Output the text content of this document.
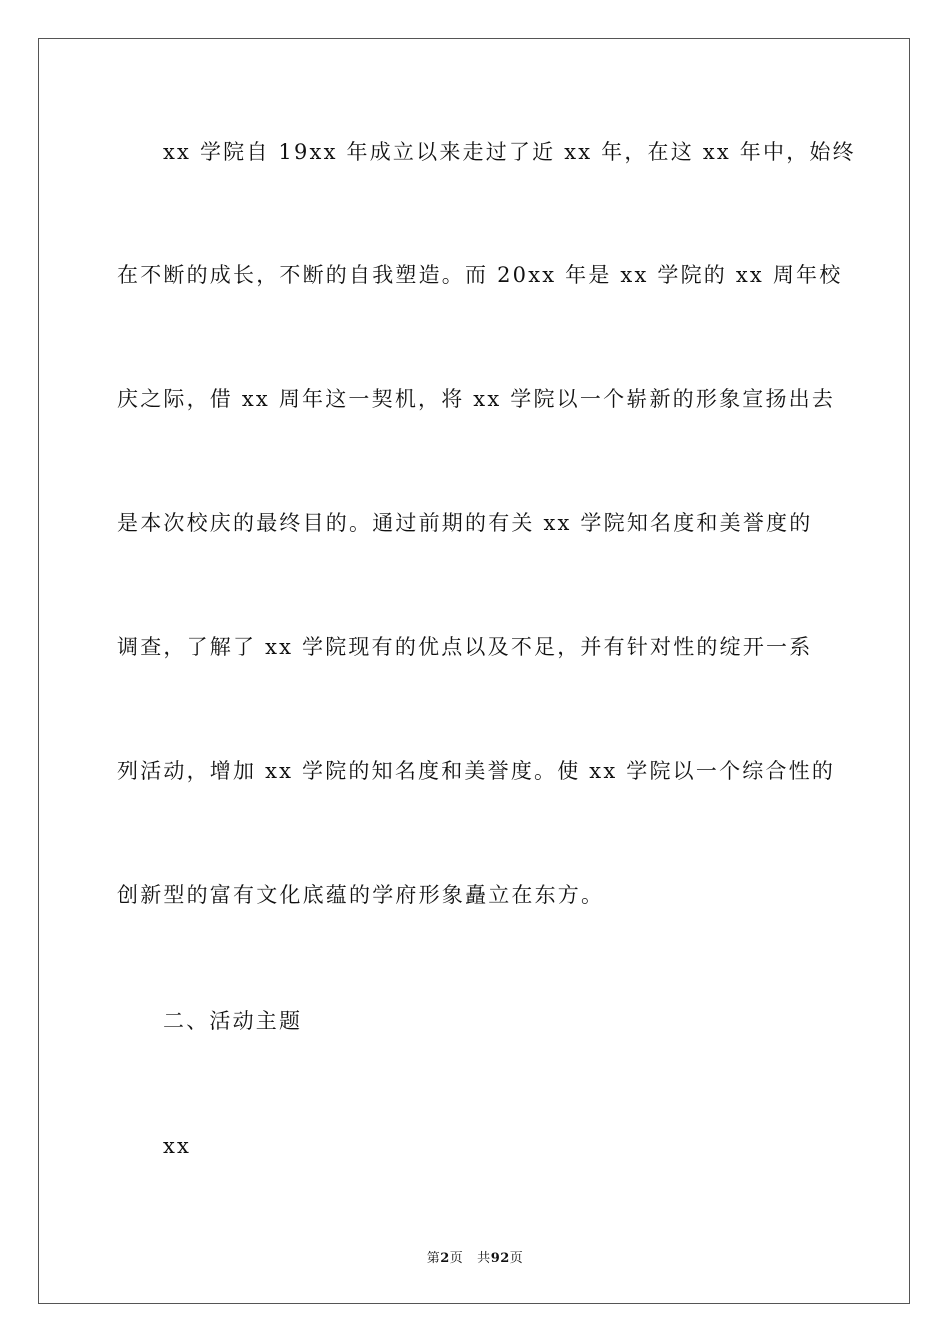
xx 学院自 19xx 年成立以来走过了近 xx 年，在这 xx 年中，始终
在不断的成长，不断的自我塑造。而 20xx 年是 xx 学院的 xx 周年校
庆之际，借 xx 周年这一契机，将 xx 学院以一个崭新的形象宣扬出去
是本次校庆的最终目的。通过前期的有关 xx 学院知名度和美誉度的
调查，了解了 xx 学院现有的优点以及不足，并有针对性的绽开一系
列活动，增加 xx 学院的知名度和美誉度。使 xx 学院以一个综合性的
创新型的富有文化底蕴的学府形象矗立在东方。
二、活动主题
xx
第2页 共92页
